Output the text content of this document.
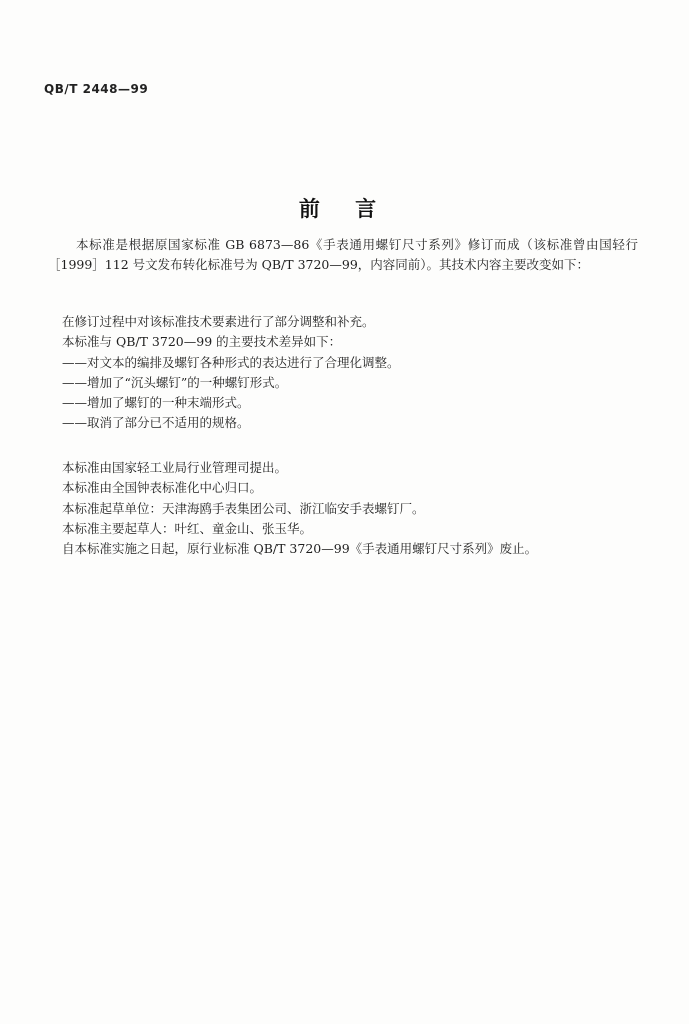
QB/T 2448—99
前 言
本标准是根据原国家标准 GB 6873—86《手表通用螺钉尺寸系列》修订而成（该标准曾由国轻行［1999］112 号文发布转化标准号为 QB/T 3720—99，内容同前）。其技术内容主要改变如下：
在修订过程中对该标准技术要素进行了部分调整和补充。
本标准与 QB/T 3720—99 的主要技术差异如下：
——对文本的编排及螺钉各种形式的表达进行了合理化调整。
——增加了“沉头螺钉”的一种螺钉形式。
——增加了螺钉的一种末端形式。
——取消了部分已不适用的规格。
本标准由国家轻工业局行业管理司提出。
本标准由全国钟表标准化中心归口。
本标准起草单位：天津海鸥手表集团公司、浙江临安手表螺钉厂。
本标准主要起草人：叶红、童金山、张玉华。
自本标准实施之日起，原行业标准 QB/T 3720—99《手表通用螺钉尺寸系列》废止。
